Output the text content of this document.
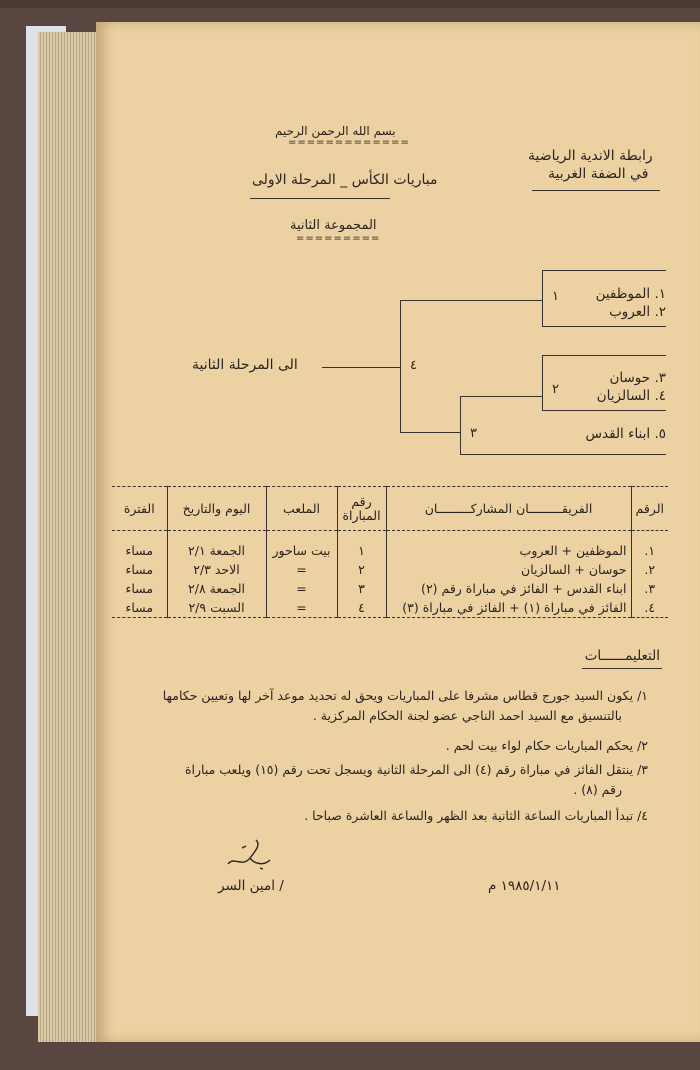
بسم الله الرحمن الرحيم
=============
رابطة الاندية الرياضية
في الضفة الغربية
مباريات الكأس _ المرحلة الاولى
المجموعة الثانية
=========
١. الموظفين
٢. العروب
٣. حوسان
٤. السالزيان
٥. ابناء القدس
١
٢
٣
٤
الى المرحلة الثانية
الرقم	الفريقـــــــــان المشاركـــــــــان	رقم
المباراة	الملعب	اليوم والتاريخ	الفترة
١.	الموظفين + العروب	١	بيت ساحور	الجمعة ٢/١	مساء
٢.	حوسان + السالزيان	٢	=	الاحد ٢/٣	مساء
٣.	ابناء القدس + الفائز في مباراة رقم (٢)	٣	=	الجمعة ٢/٨	مساء
٤.	الفائز في مباراة (١) + الفائز في مباراة (٣)	٤	=	السبت ٢/٩	مساء

التعليمــــــات
١/ يكون السيد جورج قطاس مشرفا على المباريات ويحق له تحديد موعد آخر لها وتعيين حكامها
بالتنسيق مع السيد احمد الناجي عضو لجنة الحكام المركزية .
٢/ يحكم المباريات حكام لواء بيت لحم .
٣/ ينتقل الفائز في مباراة رقم (٤) الى المرحلة الثانية ويسجل تحت رقم (١٥) ويلعب مباراة
رقم (٨) .
٤/ تبدأ المباريات الساعة الثانية بعد الظهر والساعة العاشرة صباحا .
/ امين السر	١٩٨٥/١/١١ م
